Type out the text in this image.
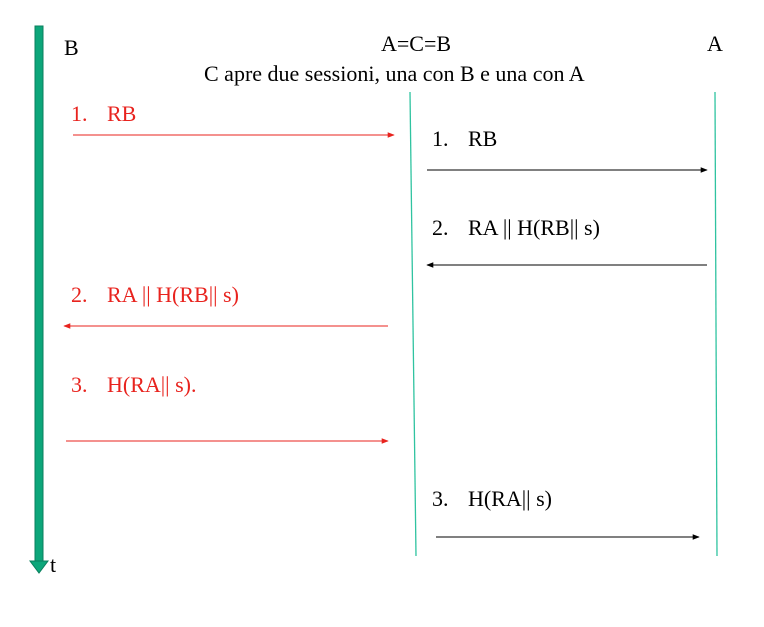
B	A=C=B	A
C apre due sessioni, una con B e una con A
t
1. RB
2. RA || H(RB|| s)
3. H(RA|| s).
1. RB
2. RA || H(RB|| s)
3. H(RA|| s)
